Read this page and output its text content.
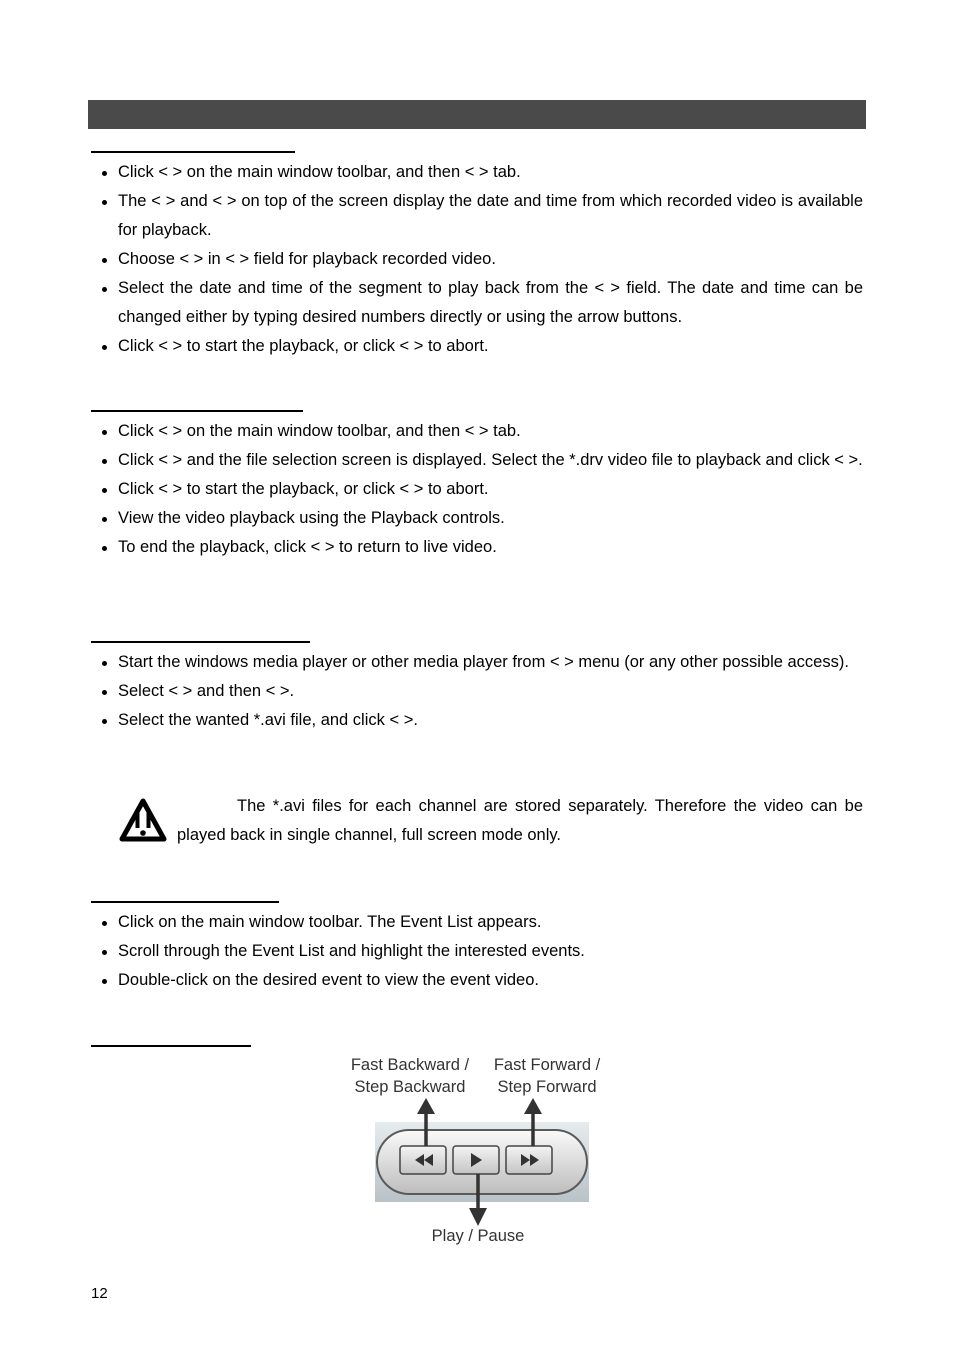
Click < > on the main window toolbar, and then < > tab.
The < > and < > on top of the screen display the date and time from which recorded video is available for playback.
Choose < > in < > field for playback recorded video.
Select the date and time of the segment to play back from the < > field. The date and time can be changed either by typing desired numbers directly or using the arrow buttons.
Click < > to start the playback, or click < > to abort.
Click < > on the main window toolbar, and then < > tab.
Click < > and the file selection screen is displayed. Select the *.drv video file to playback and click < >.
Click < > to start the playback, or click < > to abort.
View the video playback using the Playback controls.
To end the playback, click < > to return to live video.
Start the windows media player or other media player from < > menu (or any other possible access).
Select < > and then < >.
Select the wanted *.avi file, and click < >.
The *.avi files for each channel are stored separately. Therefore the video can be played back in single channel, full screen mode only.
Click on the main window toolbar. The Event List appears.
Scroll through the Event List and highlight the interested events.
Double-click on the desired event to view the event video.
Fast Backward /
Step Backward
Fast Forward /
Step Forward
Play / Pause
12
